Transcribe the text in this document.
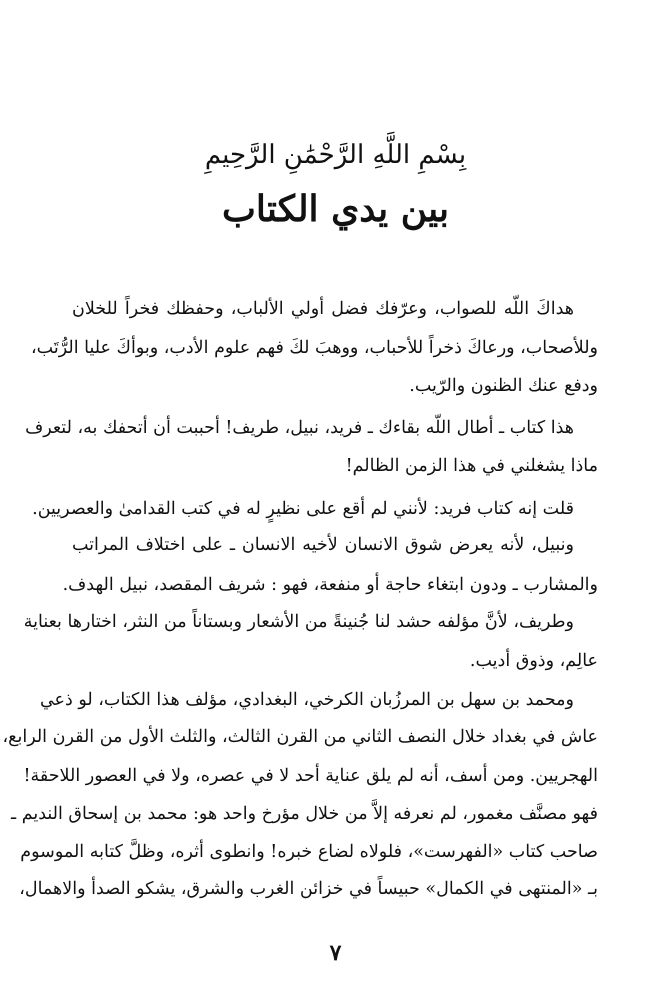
بِسْمِ اللَّهِ الرَّحْمَٰنِ الرَّحِيمِ
بين يدي الكتاب
هداكَ اللّه للصواب، وعرّفك فضل أولي الألباب، وحفظك فخراً للخلان
وللأصحاب، ورعاكَ ذخراً للأحباب، ووهبَ لكَ فهم علوم الأدب، وبوأكَ عليا الرُّتَب،
ودفع عنك الظنون والرّيب.
هذا كتاب ـ أطال اللّه بقاءك ـ فريد، نبيل، طريف! أحببت أن أتحفك به، لتعرف
ماذا يشغلني في هذا الزمن الظالم!
قلت إنه كتاب فريد: لأنني لم أقع على نظيرٍ له في كتب القدامىٰ والعصريين.
ونبيل، لأنه يعرض شوق الانسان لأخيه الانسان ـ على اختلاف المراتب
والمشارب ـ ودون ابتغاء حاجة أو منفعة، فهو : شريف المقصد، نبيل الهدف.
وطريف، لأنَّ مؤلفه حشد لنا جُنينةً من الأشعار وبستاناً من النثر، اختارها بعناية
عالِم، وذوق أديب.
ومحمد بن سهل بن المرزُبان الكرخي، البغدادي، مؤلف هذا الكتاب، لو ذعي
عاش في بغداد خلال النصف الثاني من القرن الثالث، والثلث الأول من القرن الرابع،
الهجريين. ومن أسف، أنه لم يلق عناية أحد لا في عصره، ولا في العصور اللاحقة!
فهو مصنَّف مغمور، لم نعرفه إلاَّ من خلال مؤرخ واحد هو: محمد بن إسحاق النديم ـ
صاحب كتاب «الفهرست»، فلولاه لضاع خبره! وانطوى أثره، وظلَّ كتابه الموسوم
بـ «المنتهى في الكمال» حبيساً في خزائن الغرب والشرق، يشكو الصدأ والاهمال،
٧
